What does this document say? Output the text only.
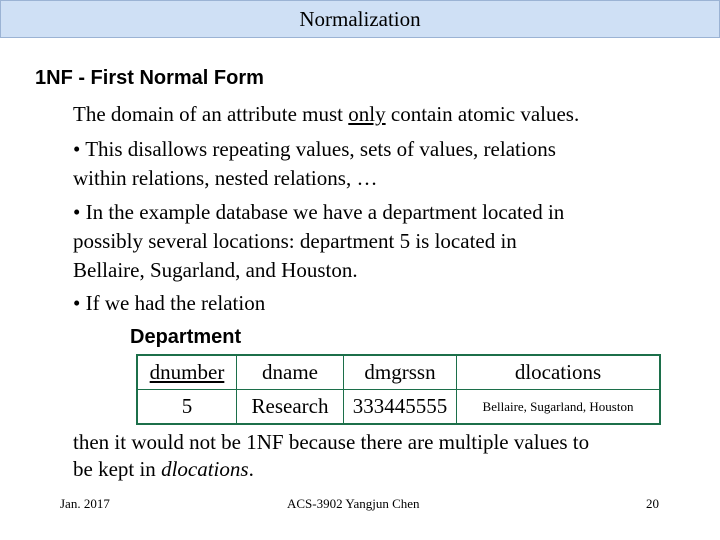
Normalization
1NF - First Normal Form
The domain of an attribute must only contain atomic values.
• This disallows repeating values, sets of values, relations
within relations, nested relations, …
• In the example database we have a department located in
possibly several locations: department 5 is located in
Bellaire, Sugarland, and Houston.
• If we had the relation
Department
dnumber	dname	dmgrssn	dlocations
5	Research	333445555	Bellaire, Sugarland, Houston
then it would not be 1NF because there are multiple values to
be kept in dlocations.
Jan. 2017	ACS-3902 Yangjun Chen	20
